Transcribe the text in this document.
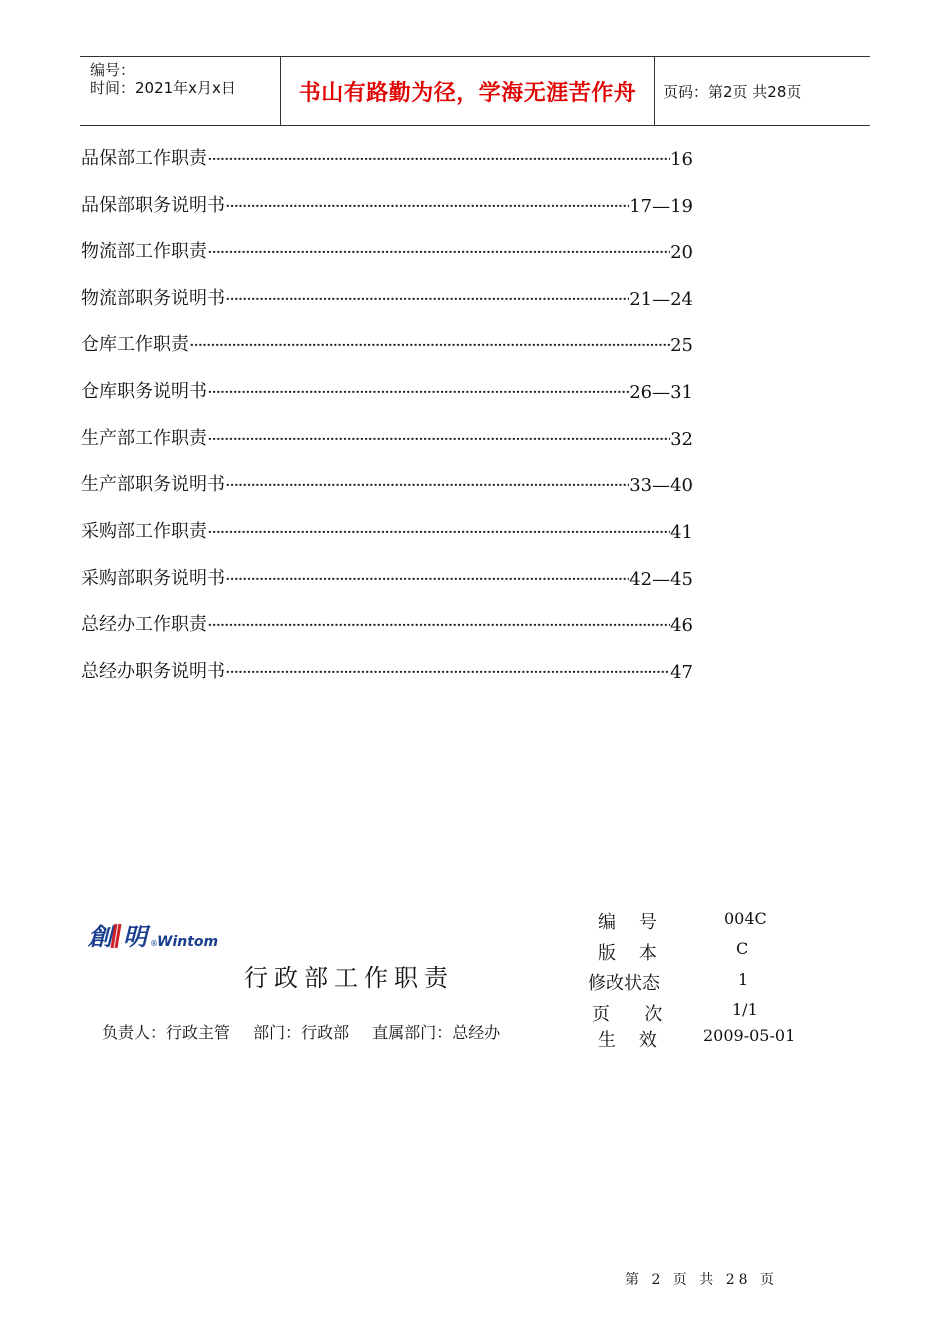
编号：
时间：2021年x月x日	书山有路勤为径，学海无涯苦作舟	页码：第2页 共28页
品保部工作职责 ·····	16
品保部职务说明书 ·····	17—19
物流部工作职责 ·····	20
物流部职务说明书 ·····	21—24
仓库工作职责 ·····	25
仓库职务说明书 ·····	26—31
生产部工作职责 ·····	32
生产部职务说明书 ·····	33—40
采购部工作职责 ·····	41
采购部职务说明书 ·····	42—45
总经办工作职责 ·····	46
总经办职务说明书 ·····	47
創 明 ® Wintom
行政部工作职责
负责人：行政主管 部门：行政部 直属部门：总经办
编    号	004C
版    本	C
修改状态	1
页      次	1/1
生    效	2009-05-01
第 2 页 共 28 页
